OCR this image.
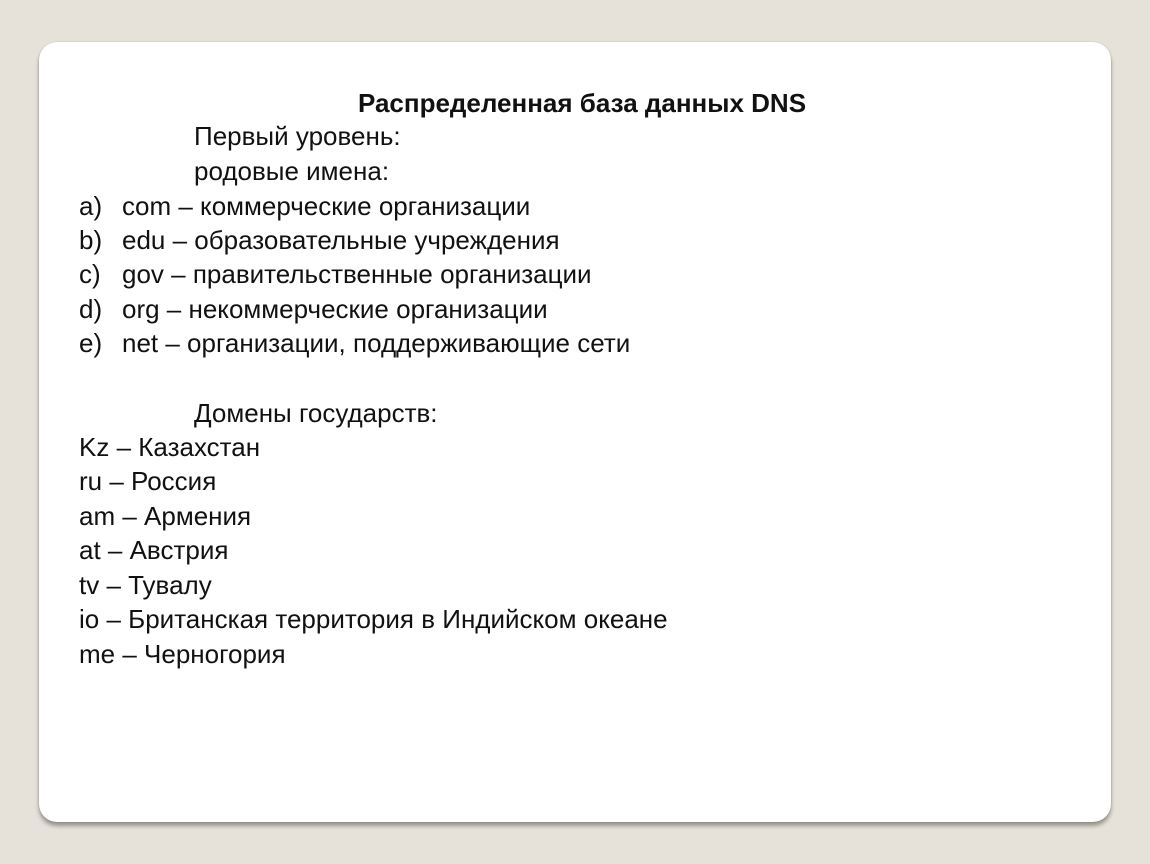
Распределенная база данных DNS

Первый уровень:

родовые имена:

a) com – коммерческие организации

b) edu – образовательные учреждения

c) gov – правительственные организации

d) org – некоммерческие организации

e) net – организации, поддерживающие сети

Домены государств:

Kz – Казахстан

ru – Россия

am – Армения

at – Австрия

tv – Тувалу

io – Британская территория в Индийском океане

me – Черногория
